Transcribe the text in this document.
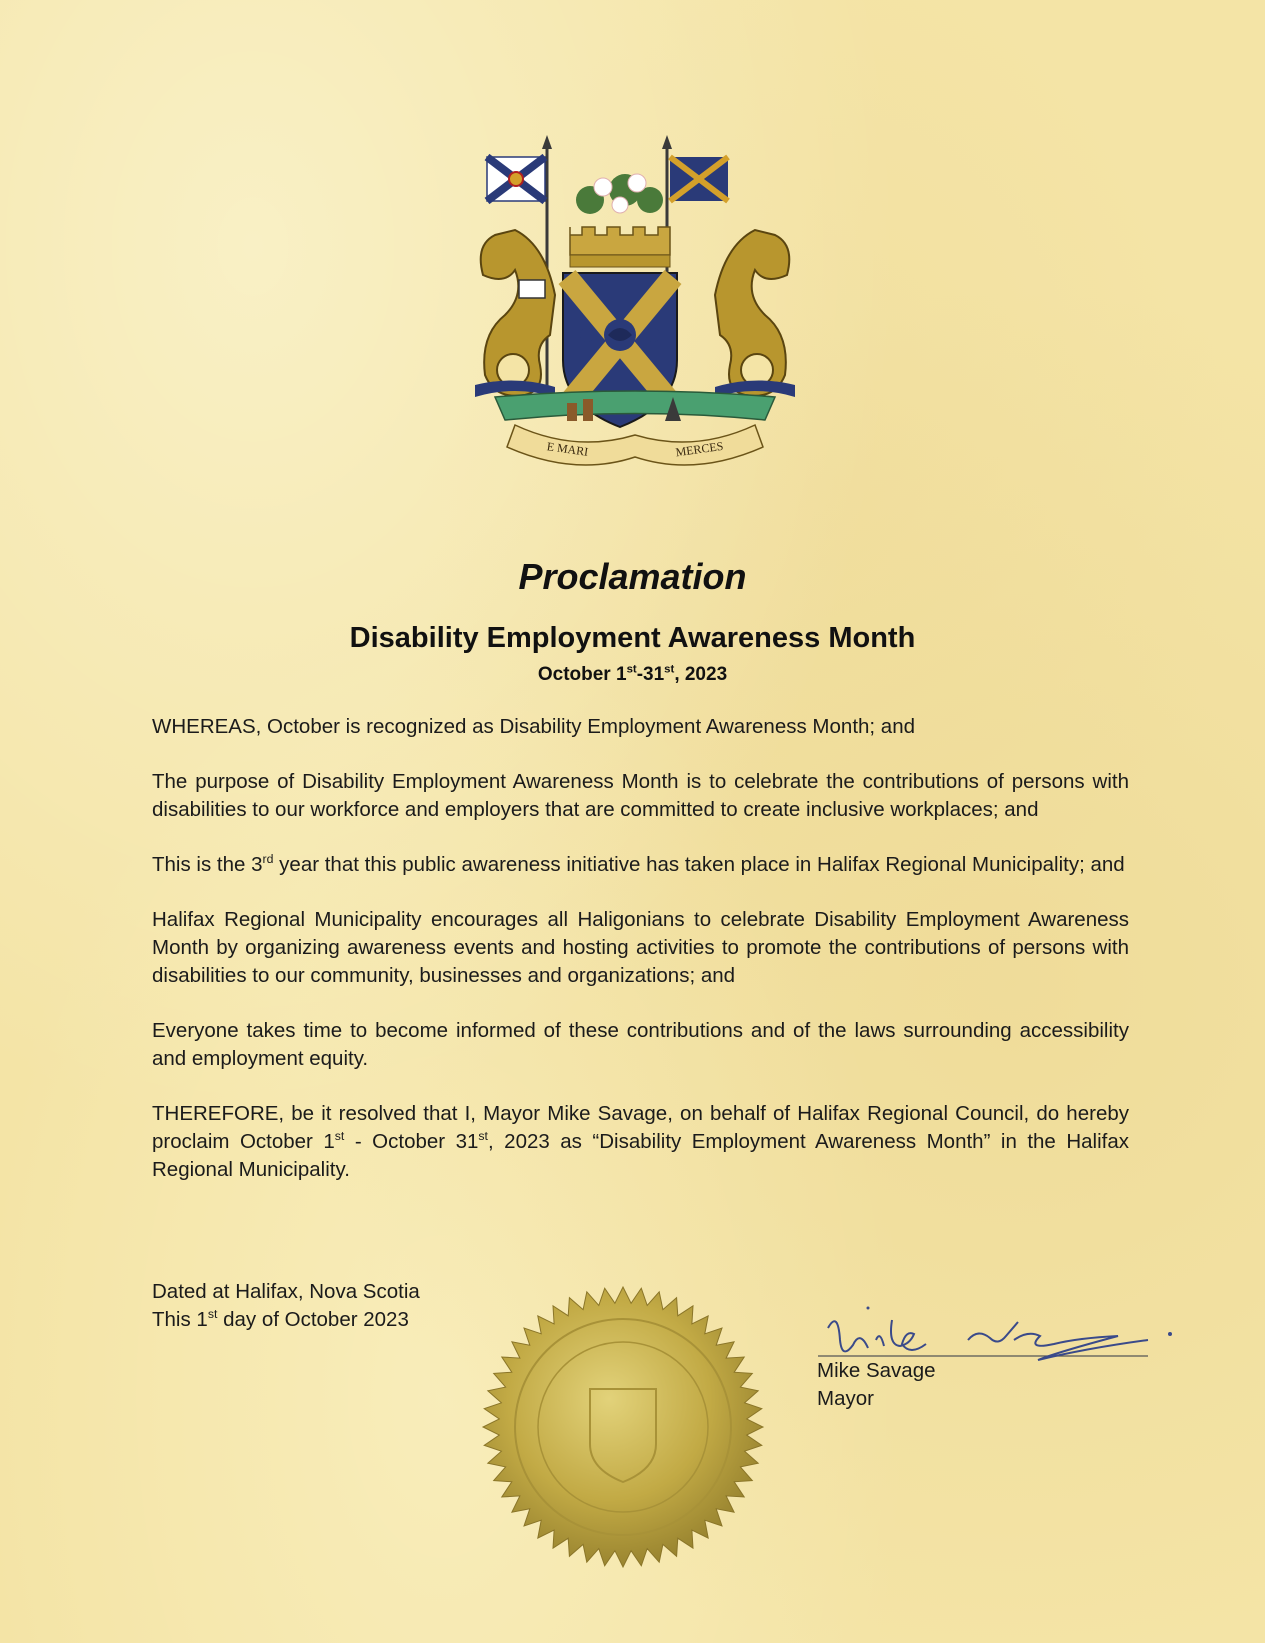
E MARI	MERCES
Proclamation
Disability Employment Awareness Month
October 1st-31st, 2023

WHEREAS, October is recognized as Disability Employment Awareness Month; and

The purpose of Disability Employment Awareness Month is to celebrate the contributions of persons with disabilities to our workforce and employers that are committed to create inclusive workplaces; and

This is the 3rd year that this public awareness initiative has taken place in Halifax Regional Municipality; and

Halifax Regional Municipality encourages all Haligonians to celebrate Disability Employment Awareness Month by organizing awareness events and hosting activities to promote the contributions of persons with disabilities to our community, businesses and organizations; and

Everyone takes time to become informed of these contributions and of the laws surrounding accessibility and employment equity.

THEREFORE, be it resolved that I, Mayor Mike Savage, on behalf of Halifax Regional Council, do hereby proclaim October 1st - October 31st, 2023 as “Disability Employment Awareness Month” in the Halifax Regional Municipality.

Dated at Halifax, Nova Scotia
This 1st day of October 2023
Mike Savage
Mayor
